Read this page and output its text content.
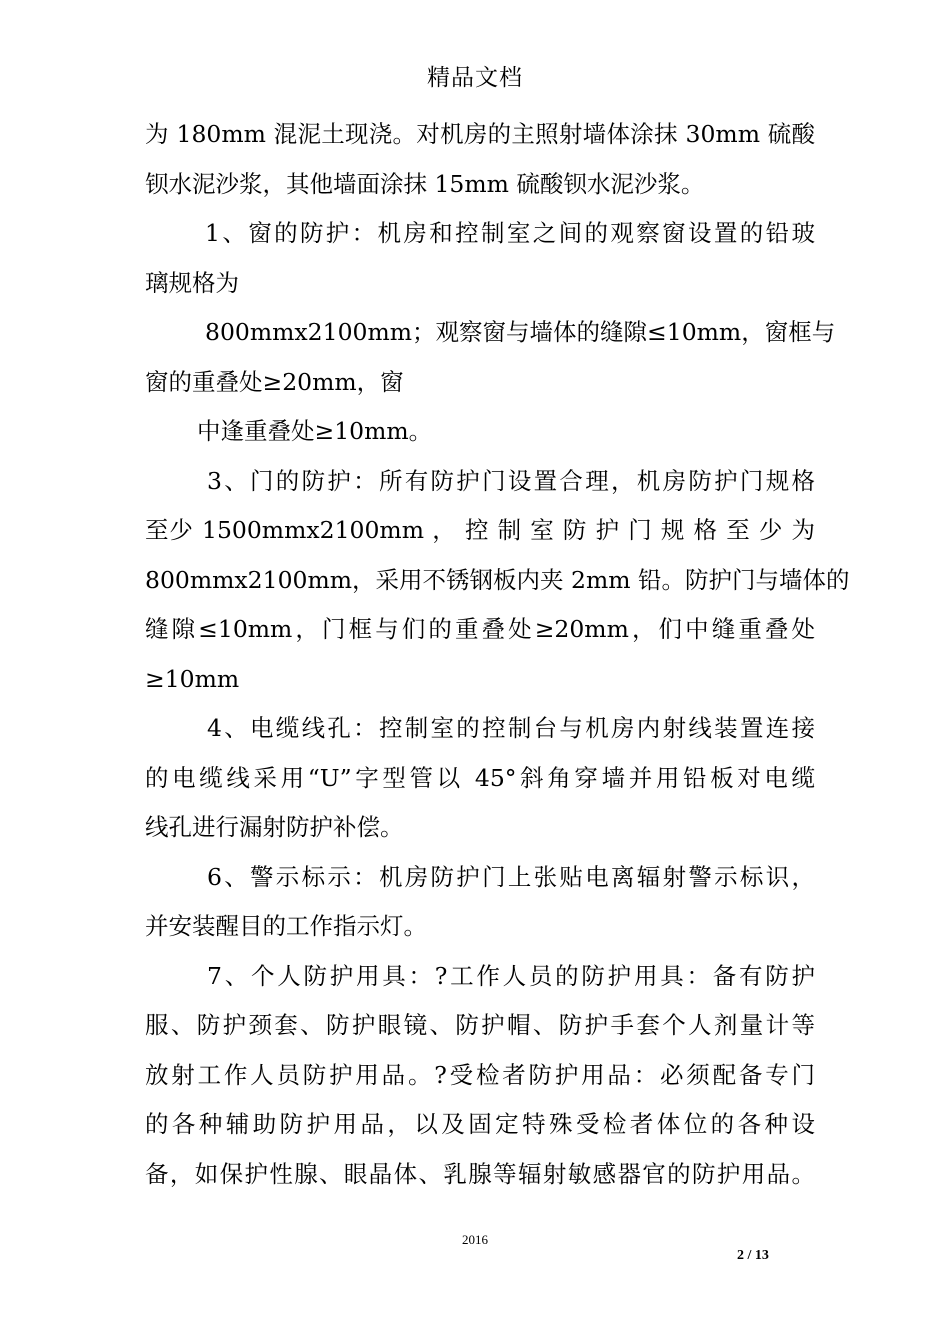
精品文档
为 180mm 混泥土现浇。对机房的主照射墙体涂抹 30mm 硫酸
钡水泥沙浆，其他墙面涂抹 15mm 硫酸钡水泥沙浆。
1、窗的防护：机房和控制室之间的观察窗设置的铅玻
璃规格为
800mmx2100mm；观察窗与墙体的缝隙≤10mm，窗框与
窗的重叠处≥20mm，窗
中逢重叠处≥10mm。
3、门的防护：所有防护门设置合理，机房防护门规格
至少 1500mmx2100mm ， 控 制 室 防 护 门 规 格 至 少 为
800mmx2100mm，采用不锈钢板内夹 2mm 铅。防护门与墙体的
缝隙≤10mm，门框与们的重叠处≥20mm，们中缝重叠处
≥10mm
4、电缆线孔：控制室的控制台与机房内射线装置连接
的电缆线采用“U”字型管以 45°斜角穿墙并用铅板对电缆
线孔进行漏射防护补偿。
6、警示标示：机房防护门上张贴电离辐射警示标识，
并安装醒目的工作指示灯。
7、个人防护用具：?工作人员的防护用具：备有防护
服、防护颈套、防护眼镜、防护帽、防护手套个人剂量计等
放射工作人员防护用品。?受检者防护用品：必须配备专门
的各种辅助防护用品，以及固定特殊受检者体位的各种设
备，如保护性腺、眼晶体、乳腺等辐射敏感器官的防护用品。
2016
2 / 13
